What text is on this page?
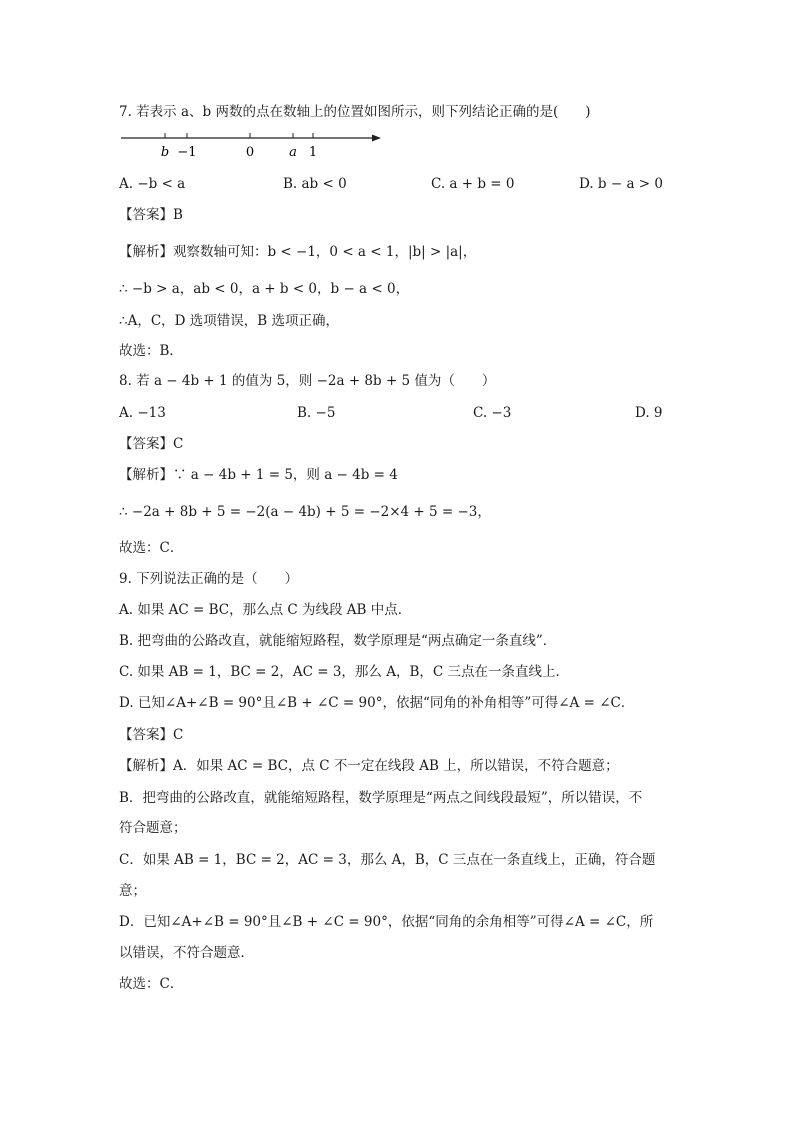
7. 若表示 a、b 两数的点在数轴上的位置如图所示，则下列结论正确的是(　　)
b −1	0	a 1
A. −b < a	B. ab < 0	C. a + b = 0	D. b − a > 0
【答案】B
【解析】观察数轴可知：b < −1，0 < a < 1，|b| > |a|，
∴ −b > a，ab < 0，a + b < 0，b − a < 0，
∴A，C，D 选项错误，B 选项正确，
故选：B．
8. 若 a − 4b + 1 的值为 5，则 −2a + 8b + 5 值为（　　）
A. −13	B. −5	C. −3	D. 9
【答案】C
【解析】∵ a − 4b + 1 = 5，则 a − 4b = 4
∴ −2a + 8b + 5 = −2(a − 4b) + 5 = −2×4 + 5 = −3，
故选：C．
9. 下列说法正确的是（　　）
A. 如果 AC = BC，那么点 C 为线段 AB 中点．
B. 把弯曲的公路改直，就能缩短路程，数学原理是“两点确定一条直线”．
C. 如果 AB = 1，BC = 2，AC = 3，那么 A，B，C 三点在一条直线上．
D. 已知∠A+∠B = 90°且∠B + ∠C = 90°，依据“同角的补角相等”可得∠A = ∠C．
【答案】C
【解析】A．如果 AC = BC，点 C 不一定在线段 AB 上，所以错误，不符合题意；
B．把弯曲的公路改直，就能缩短路程，数学原理是“两点之间线段最短”，所以错误，不
符合题意；
C．如果 AB = 1，BC = 2，AC = 3，那么 A，B，C 三点在一条直线上，正确，符合题
意；
D．已知∠A+∠B = 90°且∠B + ∠C = 90°，依据“同角的余角相等”可得∠A = ∠C，所
以错误，不符合题意．
故选：C．
